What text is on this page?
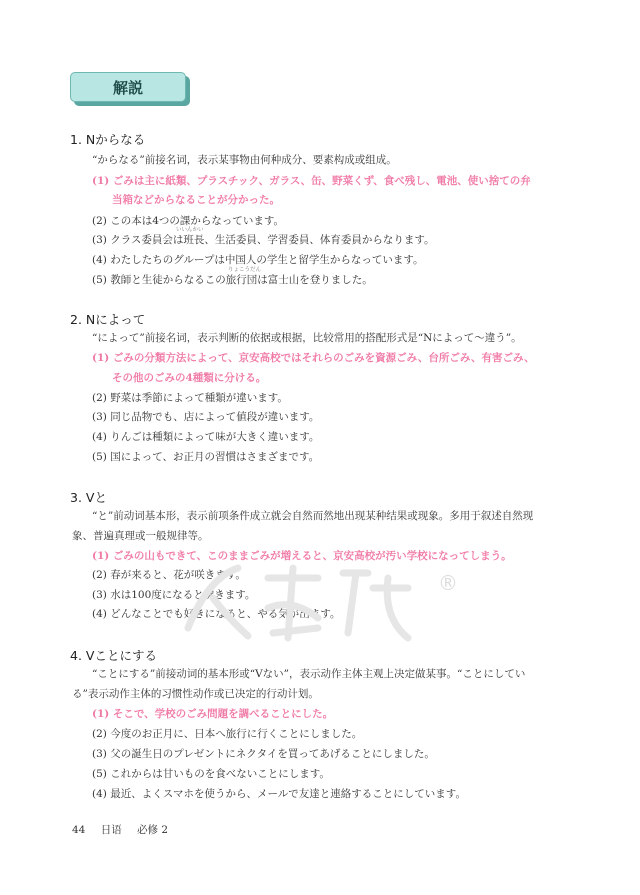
解説
1. Nからなる
“からなる”前接名词，表示某事物由何种成分、要素构成或组成。
(1) ごみは主に紙類、プラスチック、ガラス、缶、野菜くず、食べ残し、電池、使い捨ての弁
当箱などからなることが分かった。
(2) この本は4つの課からなっています。
いいんかい
(3) クラス委員会は班長、生活委員、学習委員、体育委員からなります。
(4) わたしたちのグループは中国人の学生と留学生からなっています。
りょこうだん
(5) 教師と生徒からなるこの旅行団は富士山を登りました。
2. Nによって
“によって”前接名词，表示判断的依据或根据，比较常用的搭配形式是“Nによって～違う”。
(1) ごみの分類方法によって、京安高校ではそれらのごみを資源ごみ、台所ごみ、有害ごみ、
その他のごみの4種類に分ける。
(2) 野菜は季節によって種類が違います。
(3) 同じ品物でも、店によって値段が違います。
(4) りんごは種類によって味が大きく違います。
(5) 国によって、お正月の習慣はさまざまです。
3. Vと
“と”前动词基本形，表示前项条件成立就会自然而然地出现某种结果或现象。多用于叙述自然现
象、普遍真理或一般规律等。
(1) ごみの山もできて、このままごみが増えると、京安高校が汚い学校になってしまう。
(2) 春が来ると、花が咲きます。
(3) 水は100度になると沸きます。
(4) どんなことでも好きになると、やる気が出ます。
®
4. Vことにする
“ことにする”前接动词的基本形或“Vない”，表示动作主体主观上决定做某事。“ことにしてい
る”表示动作主体的习惯性动作或已决定的行动计划。
(1) そこで、学校のごみ問題を調べることにした。
(2) 今度のお正月に、日本へ旅行に行くことにしました。
(3) 父の誕生日のプレゼントにネクタイを買ってあげることにしました。
(5) これからは甘いものを食べないことにします。
(4) 最近、よくスマホを使うから、メールで友達と連絡することにしています。
44 日语 必修 2
